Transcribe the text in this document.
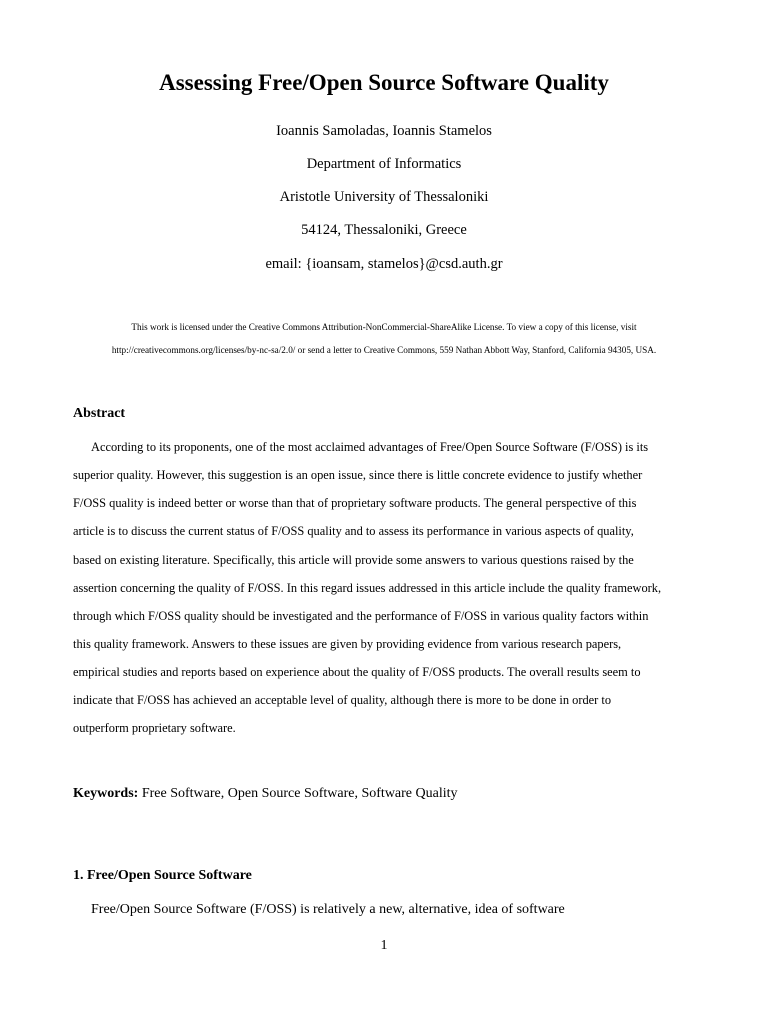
Assessing Free/Open Source Software Quality
Ioannis Samoladas, Ioannis Stamelos
Department of Informatics
Aristotle University of Thessaloniki
54124, Thessaloniki, Greece
email: {ioansam, stamelos}@csd.auth.gr
This work is licensed under the Creative Commons Attribution-NonCommercial-ShareAlike License. To view a copy of this license, visit
http://creativecommons.org/licenses/by-nc-sa/2.0/ or send a letter to Creative Commons, 559 Nathan Abbott Way, Stanford, California 94305, USA.
Abstract
According to its proponents, one of the most acclaimed advantages of Free/Open Source Software (F/OSS) is its
superior quality. However, this suggestion is an open issue, since there is little concrete evidence to justify whether
F/OSS quality is indeed better or worse than that of proprietary software products. The general perspective of this
article is to discuss the current status of F/OSS quality and to assess its performance in various aspects of quality,
based on existing literature. Specifically, this article will provide some answers to various questions raised by the
assertion concerning the quality of F/OSS. In this regard issues addressed in this article include the quality framework,
through which F/OSS quality should be investigated and the performance of F/OSS in various quality factors within
this quality framework. Answers to these issues are given by providing evidence from various research papers,
empirical studies and reports based on experience about the quality of F/OSS products. The overall results seem to
indicate that F/OSS has achieved an acceptable level of quality, although there is more to be done in order to
outperform proprietary software.
Keywords: Free Software, Open Source Software, Software Quality
1. Free/Open Source Software
Free/Open Source Software (F/OSS) is relatively a new, alternative, idea of software
1
